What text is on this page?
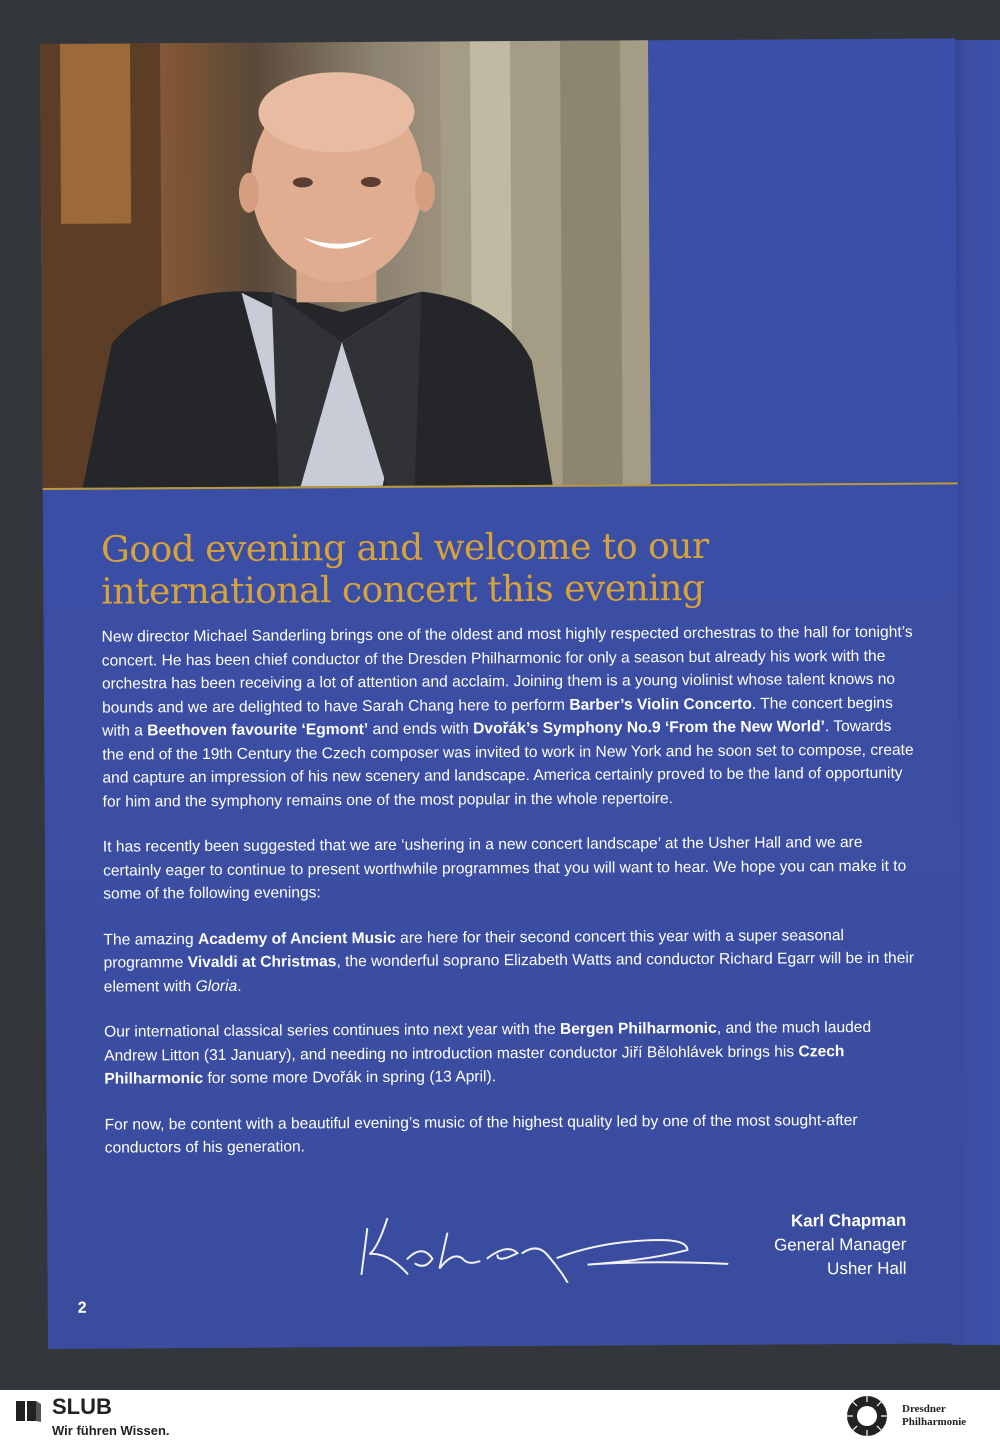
Good evening and welcome to our
international concert this evening

New director Michael Sanderling brings one of the oldest and most highly respected orchestras to the hall for tonight’s concert. He has been chief conductor of the Dresden Philharmonic for only a season but already his work with the orchestra has been receiving a lot of attention and acclaim. Joining them is a young violinist whose talent knows no bounds and we are delighted to have Sarah Chang here to perform Barber’s Violin Concerto. The concert begins with a Beethoven favourite ‘Egmont’ and ends with Dvořák’s Symphony No.9 ‘From the New World’. Towards the end of the 19th Century the Czech composer was invited to work in New York and he soon set to compose, create and capture an impression of his new scenery and landscape. America certainly proved to be the land of opportunity for him and the symphony remains one of the most popular in the whole repertoire.

It has recently been suggested that we are ‘ushering in a new concert landscape’ at the Usher Hall and we are certainly eager to continue to present worthwhile programmes that you will want to hear. We hope you can make it to some of the following evenings:

The amazing Academy of Ancient Music are here for their second concert this year with a super seasonal programme Vivaldi at Christmas, the wonderful soprano Elizabeth Watts and conductor Richard Egarr will be in their element with Gloria.

Our international classical series continues into next year with the Bergen Philharmonic, and the much lauded Andrew Litton (31 January), and needing no introduction master conductor Jiří Bělohlávek brings his Czech Philharmonic for some more Dvořák in spring (13 April).

For now, be content with a beautiful evening’s music of the highest quality led by one of the most sought-after conductors of his generation.

Karl Chapman
General Manager
Usher Hall
2
SLUB
Wir führen Wissen.
Dresdner
Philharmonie
